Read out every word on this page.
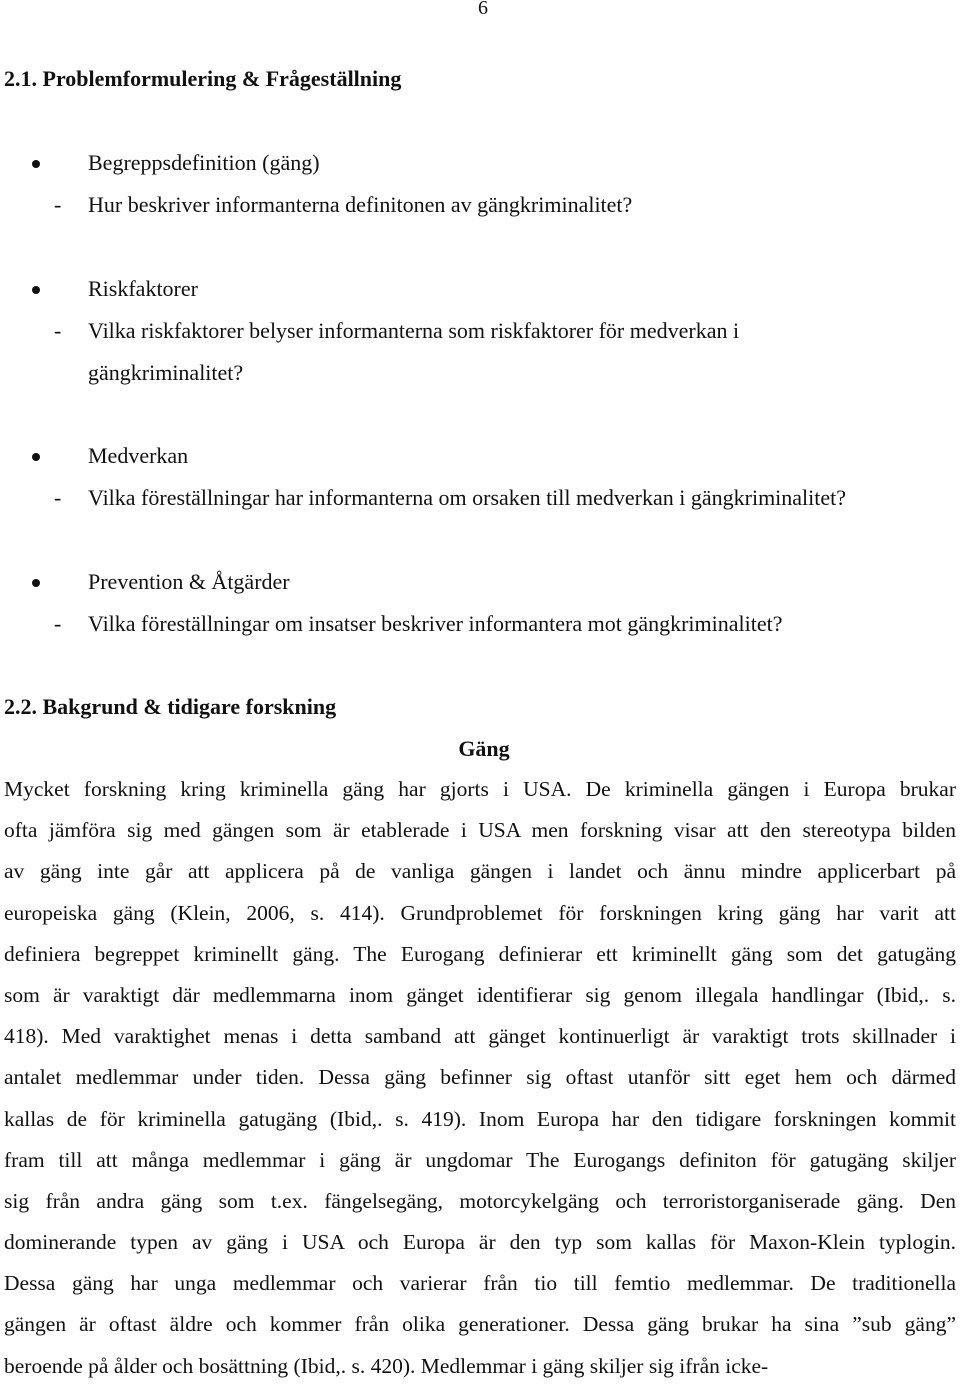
6
2.1. Problemformulering & Frågeställning
Begreppsdefinition (gäng)
- Hur beskriver informanterna definitonen av gängkriminalitet?
Riskfaktorer
- Vilka riskfaktorer belyser informanterna som riskfaktorer för medverkan i
gängkriminalitet?
Medverkan
- Vilka föreställningar har informanterna om orsaken till medverkan i gängkriminalitet?
Prevention & Åtgärder
- Vilka föreställningar om insatser beskriver informantera mot gängkriminalitet?
2.2. Bakgrund & tidigare forskning
Gäng
Mycket forskning kring kriminella gäng har gjorts i USA. De kriminella gängen i Europa brukar
ofta jämföra sig med gängen som är etablerade i USA men forskning visar att den stereotypa bilden
av gäng inte går att applicera på de vanliga gängen i landet och ännu mindre applicerbart på
europeiska gäng (Klein, 2006, s. 414). Grundproblemet för forskningen kring gäng har varit att
definiera begreppet kriminellt gäng. The Eurogang definierar ett kriminellt gäng som det gatugäng
som är varaktigt där medlemmarna inom gänget identifierar sig genom illegala handlingar (Ibid,. s.
418). Med varaktighet menas i detta samband att gänget kontinuerligt är varaktigt trots skillnader i
antalet medlemmar under tiden. Dessa gäng befinner sig oftast utanför sitt eget hem och därmed
kallas de för kriminella gatugäng (Ibid,. s. 419). Inom Europa har den tidigare forskningen kommit
fram till att många medlemmar i gäng är ungdomar The Eurogangs definiton för gatugäng skiljer
sig från andra gäng som t.ex. fängelsegäng, motorcykelgäng och terroristorganiserade gäng. Den
dominerande typen av gäng i USA och Europa är den typ som kallas för Maxon-Klein typlogin.
Dessa gäng har unga medlemmar och varierar från tio till femtio medlemmar. De traditionella
gängen är oftast äldre och kommer från olika generationer. Dessa gäng brukar ha sina ”sub gäng”
beroende på ålder och bosättning (Ibid,. s. 420). Medlemmar i gäng skiljer sig ifrån icke-
